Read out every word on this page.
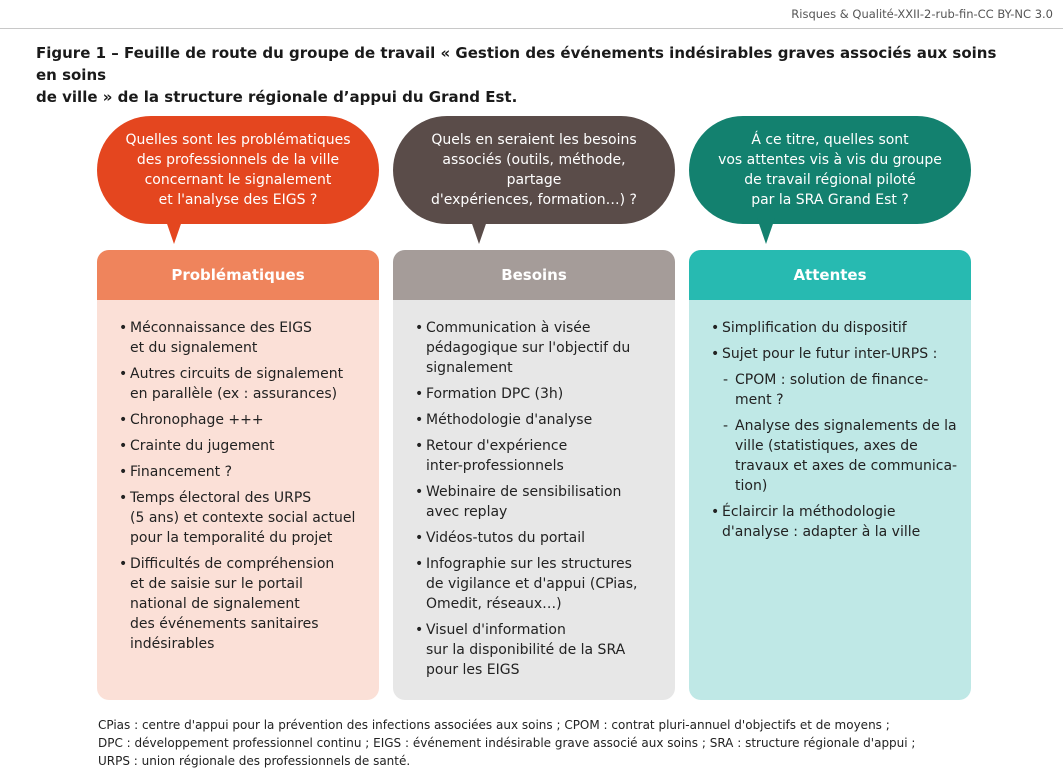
Risques & Qualité-XXII-2-rub-fin-CC BY-NC 3.0
Figure 1 – Feuille de route du groupe de travail « Gestion des événements indésirables graves associés aux soins en soins
de ville » de la structure régionale d’appui du Grand Est.
Quelles sont les problématiques
des professionnels de la ville
concernant le signalement
et l'analyse des EIGS ?
Problématiques
• Méconnaissance des EIGS
et du signalement
• Autres circuits de signalement
en parallèle (ex : assurances)
• Chronophage +++
• Crainte du jugement
• Financement ?
• Temps électoral des URPS
(5 ans) et contexte social actuel
pour la temporalité du projet
• Difficultés de compréhension
et de saisie sur le portail
national de signalement
des événements sanitaires
indésirables
Quels en seraient les besoins
associés (outils, méthode, partage
d'expériences, formation…) ?
Besoins
• Communication à visée
pédagogique sur l'objectif du
signalement
• Formation DPC (3h)
• Méthodologie d'analyse
• Retour d'expérience
inter-professionnels
• Webinaire de sensibilisation
avec replay
• Vidéos-tutos du portail
• Infographie sur les structures
de vigilance et d'appui (CPias,
Omedit, réseaux…)
• Visuel d'information
sur la disponibilité de la SRA
pour les EIGS
Á ce titre, quelles sont
vos attentes vis à vis du groupe
de travail régional piloté
par la SRA Grand Est ?
Attentes
• Simplification du dispositif
• Sujet pour le futur inter-URPS :
- CPOM : solution de finance-
ment ?
- Analyse des signalements de la
ville (statistiques, axes de
travaux et axes de communica-
tion)
• Éclaircir la méthodologie
d'analyse : adapter à la ville
CPias : centre d'appui pour la prévention des infections associées aux soins ; CPOM : contrat pluri-annuel d'objectifs et de moyens ;
DPC : développement professionnel continu ; EIGS : événement indésirable grave associé aux soins ; SRA : structure régionale d'appui ;
URPS : union régionale des professionnels de santé.
